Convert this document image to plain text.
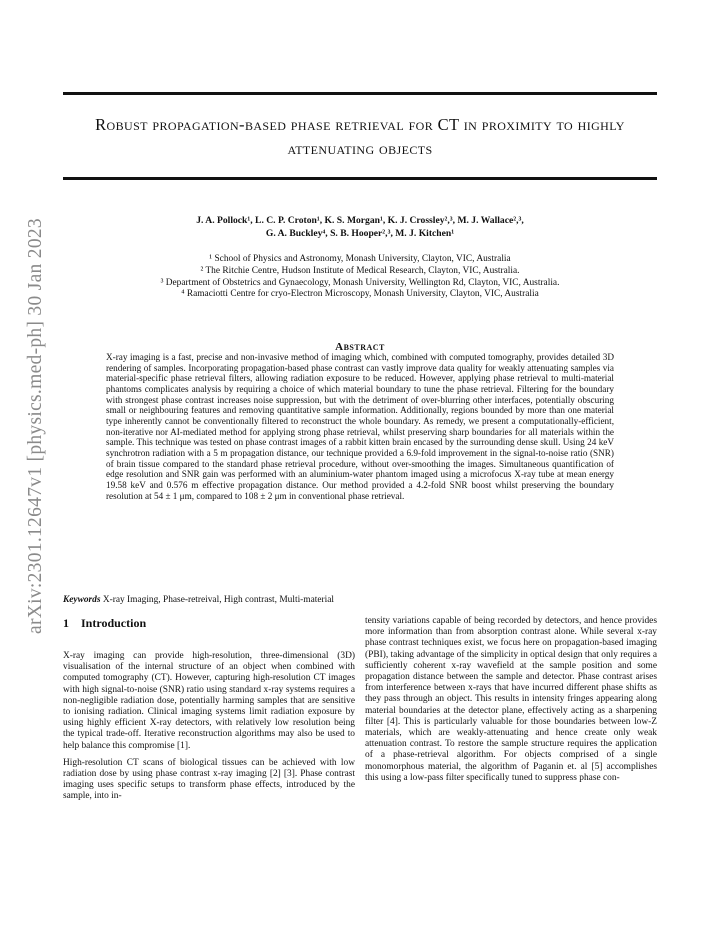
arXiv:2301.12647v1 [physics.med-ph] 30 Jan 2023
Robust propagation-based phase retrieval for CT in proximity to highly attenuating objects
J. A. Pollock¹, L. C. P. Croton¹, K. S. Morgan¹, K. J. Crossley²,³, M. J. Wallace²,³,
G. A. Buckley⁴, S. B. Hooper²,³, M. J. Kitchen¹
¹ School of Physics and Astronomy, Monash University, Clayton, VIC, Australia
² The Ritchie Centre, Hudson Institute of Medical Research, Clayton, VIC, Australia.
³ Department of Obstetrics and Gynaecology, Monash University, Wellington Rd, Clayton, VIC, Australia.
⁴ Ramaciotti Centre for cryo-Electron Microscopy, Monash University, Clayton, VIC, Australia
Abstract

X-ray imaging is a fast, precise and non-invasive method of imaging which, combined with computed tomography, provides detailed 3D rendering of samples. Incorporating propagation-based phase contrast can vastly improve data quality for weakly attenuating samples via material-specific phase retrieval filters, allowing radiation exposure to be reduced. However, applying phase retrieval to multi-material phantoms complicates analysis by requiring a choice of which material boundary to tune the phase retrieval. Filtering for the boundary with strongest phase contrast increases noise suppression, but with the detriment of over-blurring other interfaces, potentially obscuring small or neighbouring features and removing quantitative sample information. Additionally, regions bounded by more than one material type inherently cannot be conventionally filtered to reconstruct the whole boundary. As remedy, we present a computationally-efficient, non-iterative nor AI-mediated method for applying strong phase retrieval, whilst preserving sharp boundaries for all materials within the sample. This technique was tested on phase contrast images of a rabbit kitten brain encased by the surrounding dense skull. Using 24 keV synchrotron radiation with a 5 m propagation distance, our technique provided a 6.9-fold improvement in the signal-to-noise ratio (SNR) of brain tissue compared to the standard phase retrieval procedure, without over-smoothing the images. Simultaneous quantification of edge resolution and SNR gain was performed with an aluminium-water phantom imaged using a microfocus X-ray tube at mean energy 19.58 keV and 0.576 m effective propagation distance. Our method provided a 4.2-fold SNR boost whilst preserving the boundary resolution at 54 ± 1 μm, compared to 108 ± 2 μm in conventional phase retrieval.

Keywords X-ray Imaging, Phase-retreival, High contrast, Multi-material
1 Introduction

X-ray imaging can provide high-resolution, three-dimensional (3D) visualisation of the internal structure of an object when combined with computed tomography (CT). However, capturing high-resolution CT images with high signal-to-noise (SNR) ratio using standard x-ray systems requires a non-negligible radiation dose, potentially harming samples that are sensitive to ionising radiation. Clinical imaging systems limit radiation exposure by using highly efficient X-ray detectors, with relatively low resolution being the typical trade-off. Iterative reconstruction algorithms may also be used to help balance this compromise [1].

High-resolution CT scans of biological tissues can be achieved with low radiation dose by using phase contrast x-ray imaging [2] [3]. Phase contrast imaging uses specific setups to transform phase effects, introduced by the sample, into in-

tensity variations capable of being recorded by detectors, and hence provides more information than from absorption contrast alone. While several x-ray phase contrast techniques exist, we focus here on propagation-based imaging (PBI), taking advantage of the simplicity in optical design that only requires a sufficiently coherent x-ray wavefield at the sample position and some propagation distance between the sample and detector. Phase contrast arises from interference between x-rays that have incurred different phase shifts as they pass through an object. This results in intensity fringes appearing along material boundaries at the detector plane, effectively acting as a sharpening filter [4]. This is particularly valuable for those boundaries between low-Z materials, which are weakly-attenuating and hence create only weak attenuation contrast. To restore the sample structure requires the application of a phase-retrieval algorithm. For objects comprised of a single monomorphous material, the algorithm of Paganin et. al [5] accomplishes this using a low-pass filter specifically tuned to suppress phase con-
